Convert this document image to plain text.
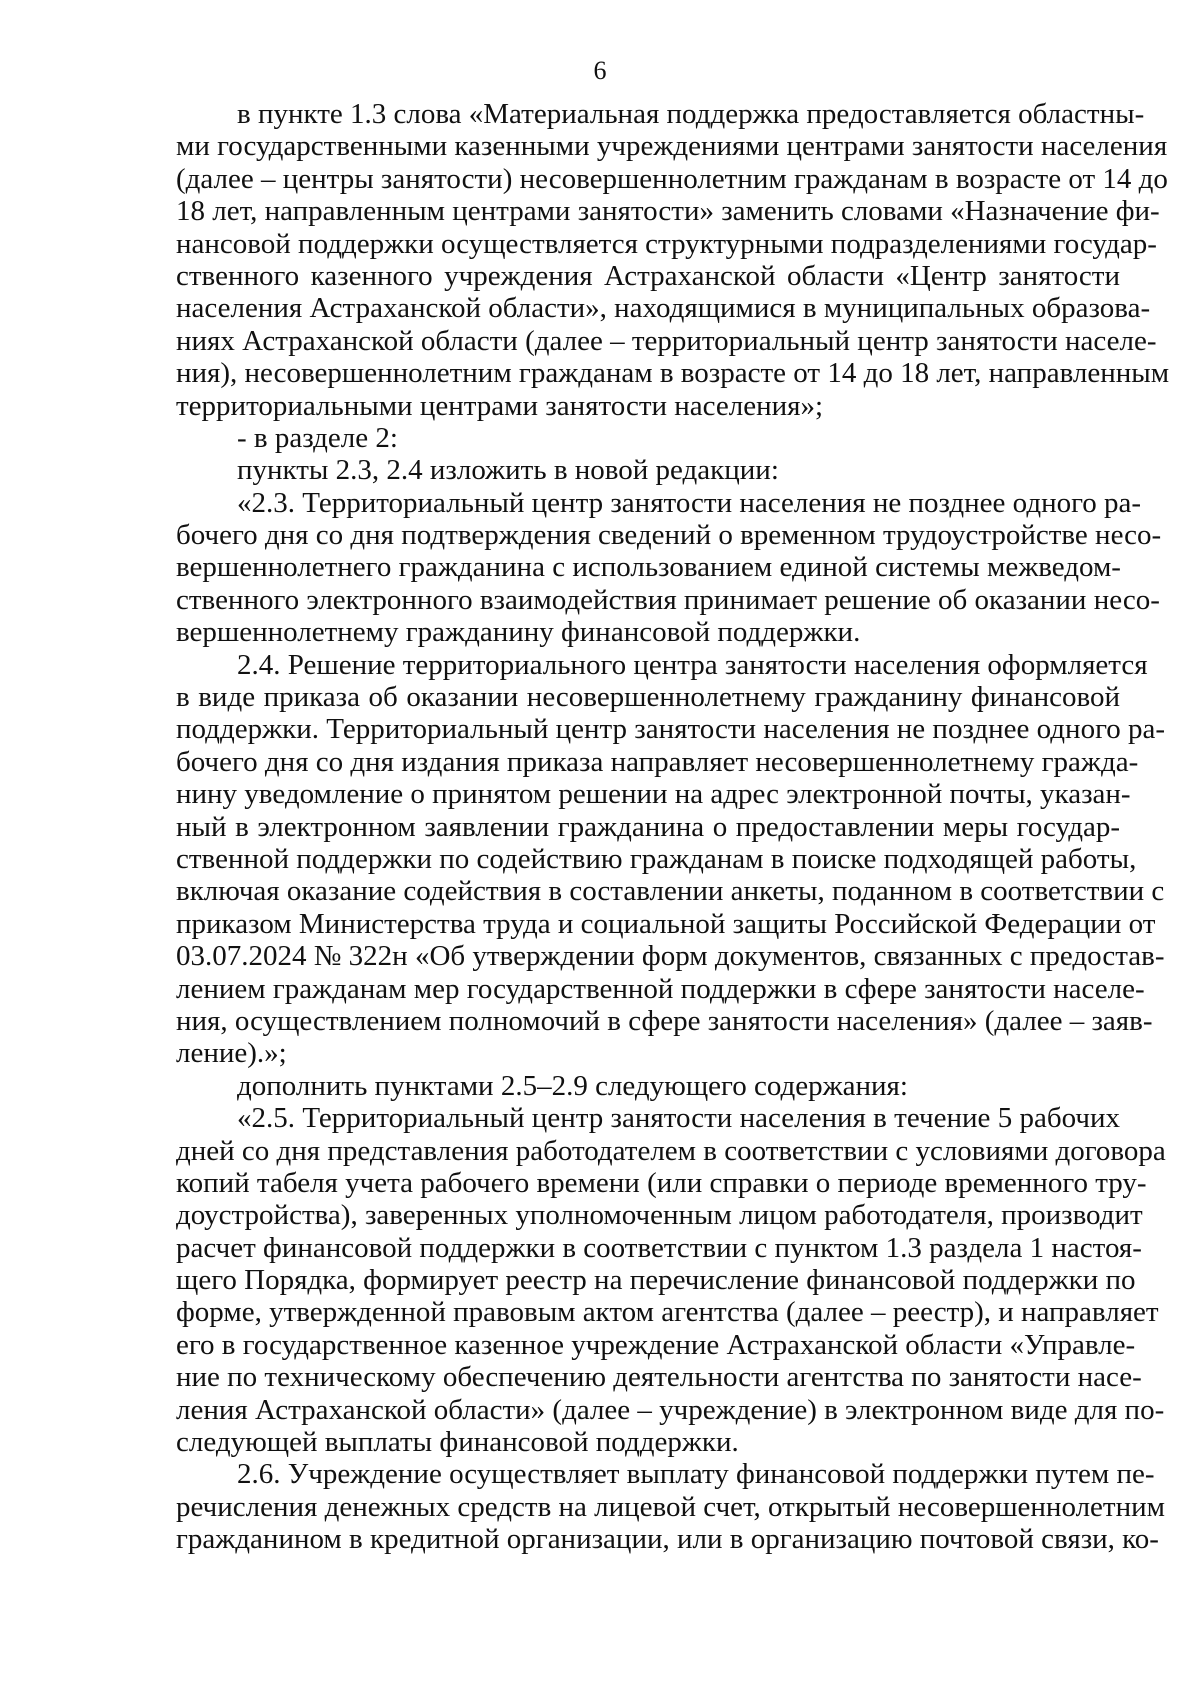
6
в пункте 1.3 слова «Материальная поддержка предоставляется областны-
ми государственными казенными учреждениями центрами занятости населения
(далее – центры занятости) несовершеннолетним гражданам в возрасте от 14 до
18 лет, направленным центрами занятости» заменить словами «Назначение фи-
нансовой поддержки осуществляется структурными подразделениями государ-
ственного казенного учреждения Астраханской области «Центр занятости
населения Астраханской области», находящимися в муниципальных образова-
ниях Астраханской области (далее – территориальный центр занятости населе-
ния), несовершеннолетним гражданам в возрасте от 14 до 18 лет, направленным
территориальными центрами занятости населения»;
- в разделе 2:
пункты 2.3, 2.4 изложить в новой редакции:
«2.3. Территориальный центр занятости населения не позднее одного ра-
бочего дня со дня подтверждения сведений о временном трудоустройстве несо-
вершеннолетнего гражданина с использованием единой системы межведом-
ственного электронного взаимодействия принимает решение об оказании несо-
вершеннолетнему гражданину финансовой поддержки.
2.4. Решение территориального центра занятости населения оформляется
в виде приказа об оказании несовершеннолетнему гражданину финансовой
поддержки. Территориальный центр занятости населения не позднее одного ра-
бочего дня со дня издания приказа направляет несовершеннолетнему гражда-
нину уведомление о принятом решении на адрес электронной почты, указан-
ный в электронном заявлении гражданина о предоставлении меры государ-
ственной поддержки по содействию гражданам в поиске подходящей работы,
включая оказание содействия в составлении анкеты, поданном в соответствии с
приказом Министерства труда и социальной защиты Российской Федерации от
03.07.2024 № 322н «Об утверждении форм документов, связанных с предостав-
лением гражданам мер государственной поддержки в сфере занятости населе-
ния, осуществлением полномочий в сфере занятости населения» (далее – заяв-
ление).»;
дополнить пунктами 2.5–2.9 следующего содержания:
«2.5. Территориальный центр занятости населения в течение 5 рабочих
дней со дня представления работодателем в соответствии с условиями договора
копий табеля учета рабочего времени (или справки о периоде временного тру-
доустройства), заверенных уполномоченным лицом работодателя, производит
расчет финансовой поддержки в соответствии с пунктом 1.3 раздела 1 настоя-
щего Порядка, формирует реестр на перечисление финансовой поддержки по
форме, утвержденной правовым актом агентства (далее – реестр), и направляет
его в государственное казенное учреждение Астраханской области «Управле-
ние по техническому обеспечению деятельности агентства по занятости насе-
ления Астраханской области» (далее – учреждение) в электронном виде для по-
следующей выплаты финансовой поддержки.
2.6. Учреждение осуществляет выплату финансовой поддержки путем пе-
речисления денежных средств на лицевой счет, открытый несовершеннолетним
гражданином в кредитной организации, или в организацию почтовой связи, ко-
